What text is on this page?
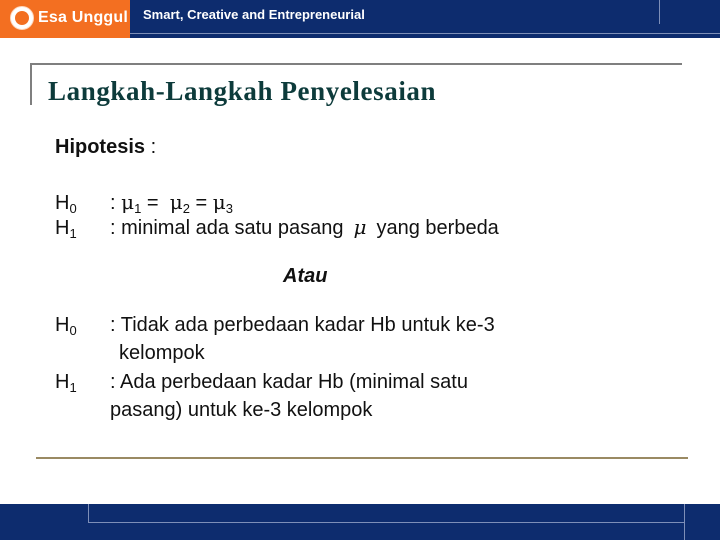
Esa Unggul Smart, Creative and Entrepreneurial
Langkah-Langkah Penyelesaian
Hipotesis :
$H_0$ : $\mu_1 = \mu_2 = \mu_3$
$H_1$ : minimal ada satu pasang μ yang berbeda
Atau
$H_0$ : Tidak ada perbedaan kadar Hb untuk ke-3
kelompok
$H_1$ : Ada perbedaan kadar Hb (minimal satu
pasang) untuk ke-3 kelompok
